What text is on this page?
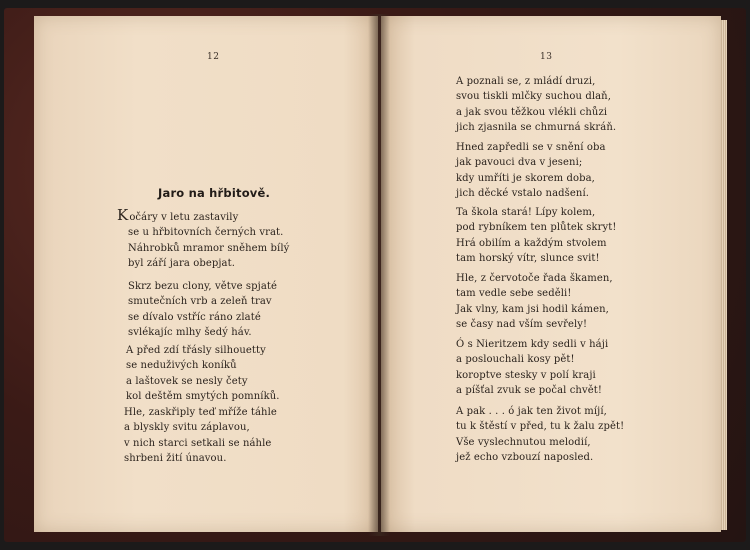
12
Jaro na hřbitově.
Kočáry v letu zastavily
se u hřbitovních černých vrat.
Náhrobků mramor sněhem bílý
byl září jara obepjat.
Skrz bezu clony, větve spjaté
smutečních vrb a zeleň trav
se dívalo vstříc ráno zlaté
svlékajíc mlhy šedý háv.
A před zdí třásly silhouetty
se neduživých koníků
a laštovek se nesly čety
kol deštěm smytých pomníků.
Hle, zaskřiply teď mříže táhle
a blyskly svitu záplavou,
v nich starci setkali se náhle
shrbeni žití únavou.
13
A poznali se, z mládí druzi,
svou tiskli mlčky suchou dlaň,
a jak svou těžkou vlékli chůzi
jich zjasnila se chmurná skráň.
Hned zapředli se v snění oba
jak pavouci dva v jeseni;
kdy umříti je skorem doba,
jich děcké vstalo nadšení.
Ta škola stará! Lípy kolem,
pod rybníkem ten plůtek skryt!
Hrá obilím a každým stvolem
tam horský vítr, slunce svit!
Hle, z červotoče řada škamen,
tam vedle sebe seděli!
Jak vlny, kam jsi hodil kámen,
se časy nad vším sevřely!
Ó s Nieritzem kdy sedli v háji
a poslouchali kosy pět!
koroptve stesky v polí kraji
a píšťal zvuk se počal chvět!
A pak . . . ó jak ten život míjí,
tu k štěstí v před, tu k žalu zpět!
Vše vyslechnutou melodií,
jež echo vzbouzí naposled.
